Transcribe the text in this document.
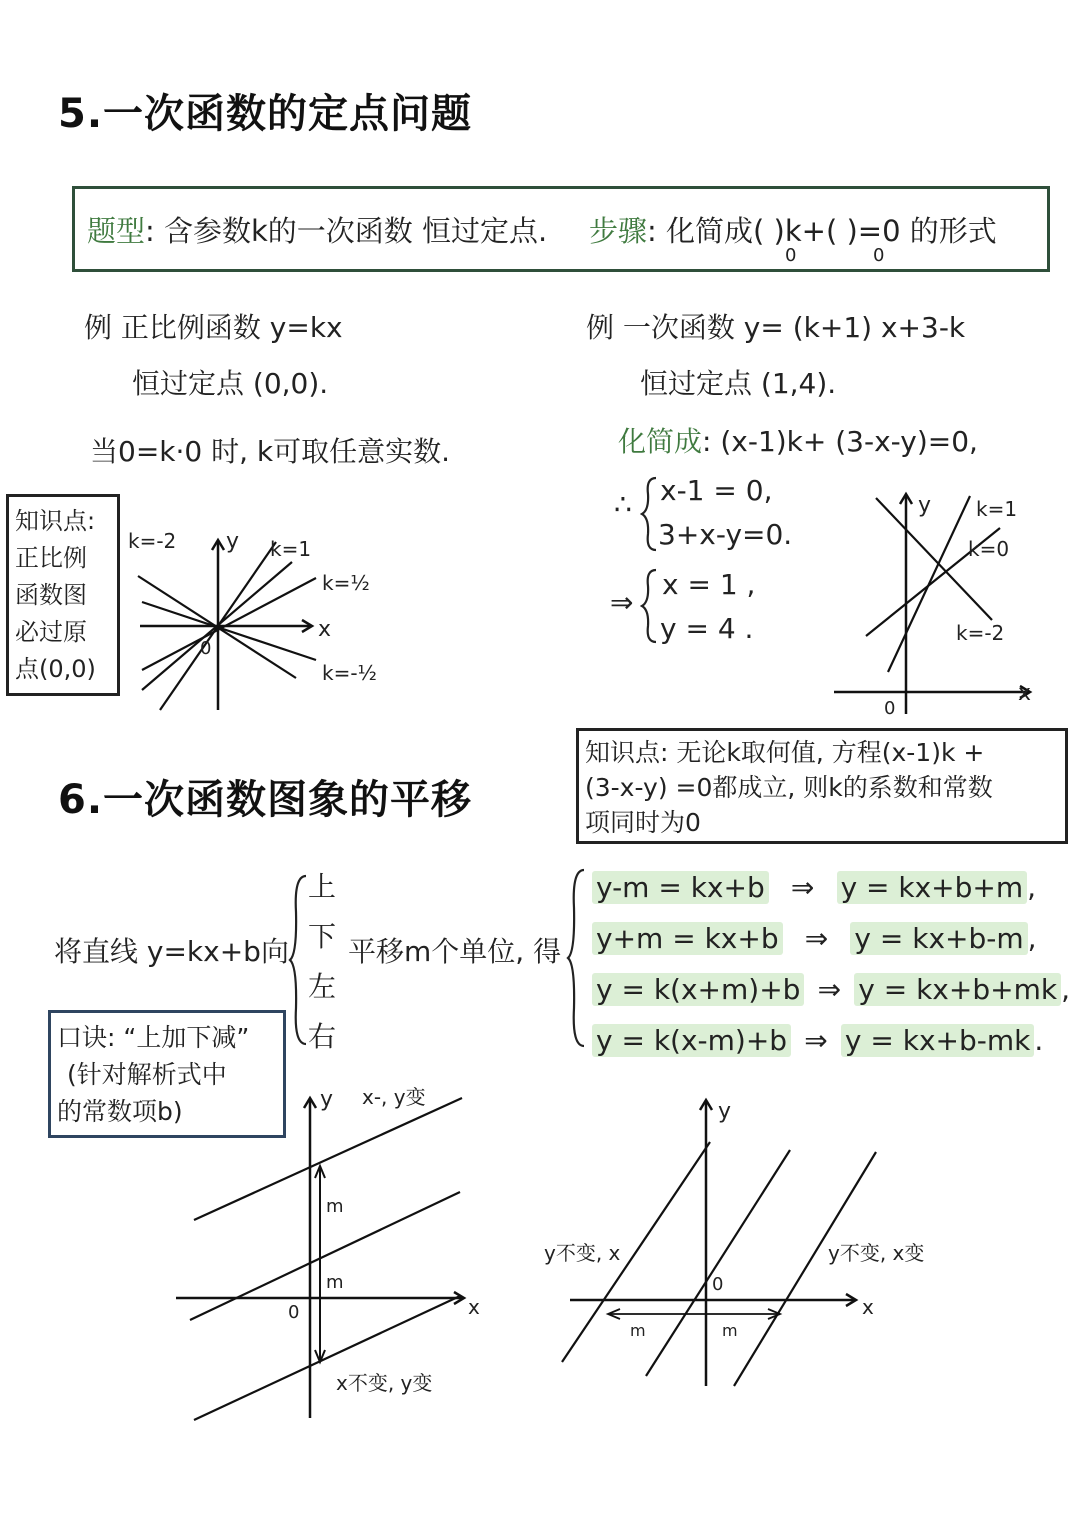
5.一次函数的定点问题
题型: 含参数k的一次函数 恒过定点. 步骤: 化简成( )k+( )=0 的形式
0	0
例 正比例函数 y=kx
恒过定点 (0,0).
当0=k·0 时, k可取任意实数.
知识点:
正比例
函数图
必过原
点(0,0)
y
x
0
k=-2	k=1
k=½
k=-½
例 一次函数 y= (k+1) x+3-k
恒过定点 (1,4).
化简成: (x-1)k+ (3-x-y)=0,
∴ x-1 = 0,
3+x-y=0.
⇒
x = 1 ,
y = 4 .
y
x
0
k=1
k=0
k=-2
知识点: 无论k取何值, 方程(x-1)k +
(3-x-y) =0都成立, 则k的系数和常数
项同时为0
6.一次函数图象的平移
将直线 y=kx+b向
上
下
左
右
平移m个单位, 得
y-m = kx+b ⇒ y = kx+b+m ,
y+m = kx+b ⇒ y = kx+b-m ,
y = k(x+m)+b ⇒ y = kx+b+mk ,
y = k(x-m)+b ⇒ y = kx+b-mk .
口诀: “上加下减”
(针对解析式中
的常数项b)	y
x
0
x-, y变
x不变, y变
m
m
y
x
0
y不变, x	y不变, x变
m	m
